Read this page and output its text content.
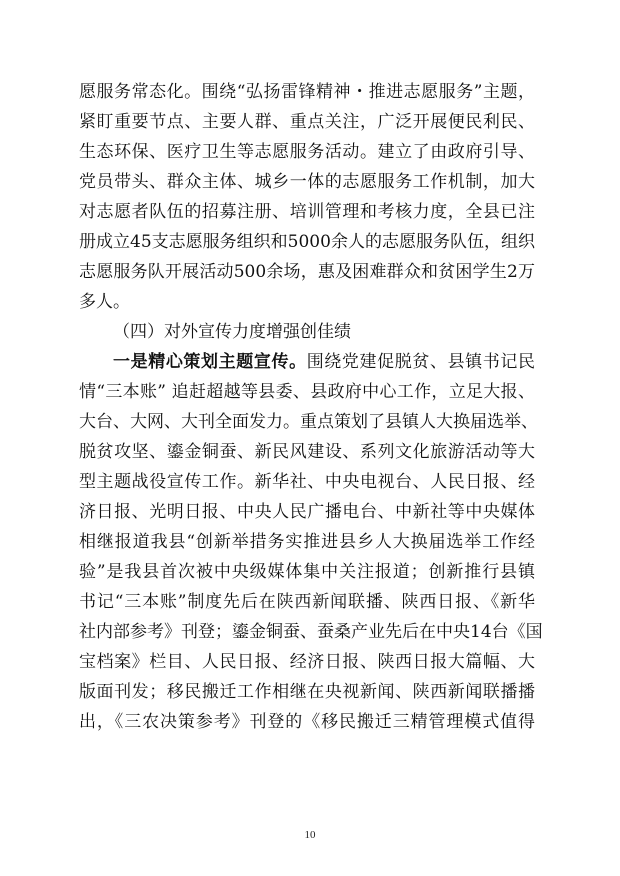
愿服务常态化。围绕“弘扬雷锋精神・推进志愿服务”主题，
紧盯重要节点、主要人群、重点关注，广泛开展便民利民、
生态环保、医疗卫生等志愿服务活动。建立了由政府引导、
党员带头、群众主体、城乡一体的志愿服务工作机制，加大
对志愿者队伍的招募注册、培训管理和考核力度，全县已注
册成立45支志愿服务组织和5000余人的志愿服务队伍，组织
志愿服务队开展活动500余场，惠及困难群众和贫困学生2万
多人。
（四）对外宣传力度增强创佳绩
一是精心策划主题宣传。围绕党建促脱贫、县镇书记民
情“三本账” 追赶超越等县委、县政府中心工作，立足大报、
大台、大网、大刊全面发力。重点策划了县镇人大换届选举、
脱贫攻坚、鎏金铜蚕、新民风建设、系列文化旅游活动等大
型主题战役宣传工作。新华社、中央电视台、人民日报、经
济日报、光明日报、中央人民广播电台、中新社等中央媒体
相继报道我县“创新举措务实推进县乡人大换届选举工作经
验”是我县首次被中央级媒体集中关注报道；创新推行县镇
书记“三本账”制度先后在陕西新闻联播、陕西日报、《新华
社内部参考》刊登；鎏金铜蚕、蚕桑产业先后在中央14台《国
宝档案》栏目、人民日报、经济日报、陕西日报大篇幅、大
版面刊发；移民搬迁工作相继在央视新闻、陕西新闻联播播
出，《三农决策参考》刊登的《移民搬迁三精管理模式值得
10
